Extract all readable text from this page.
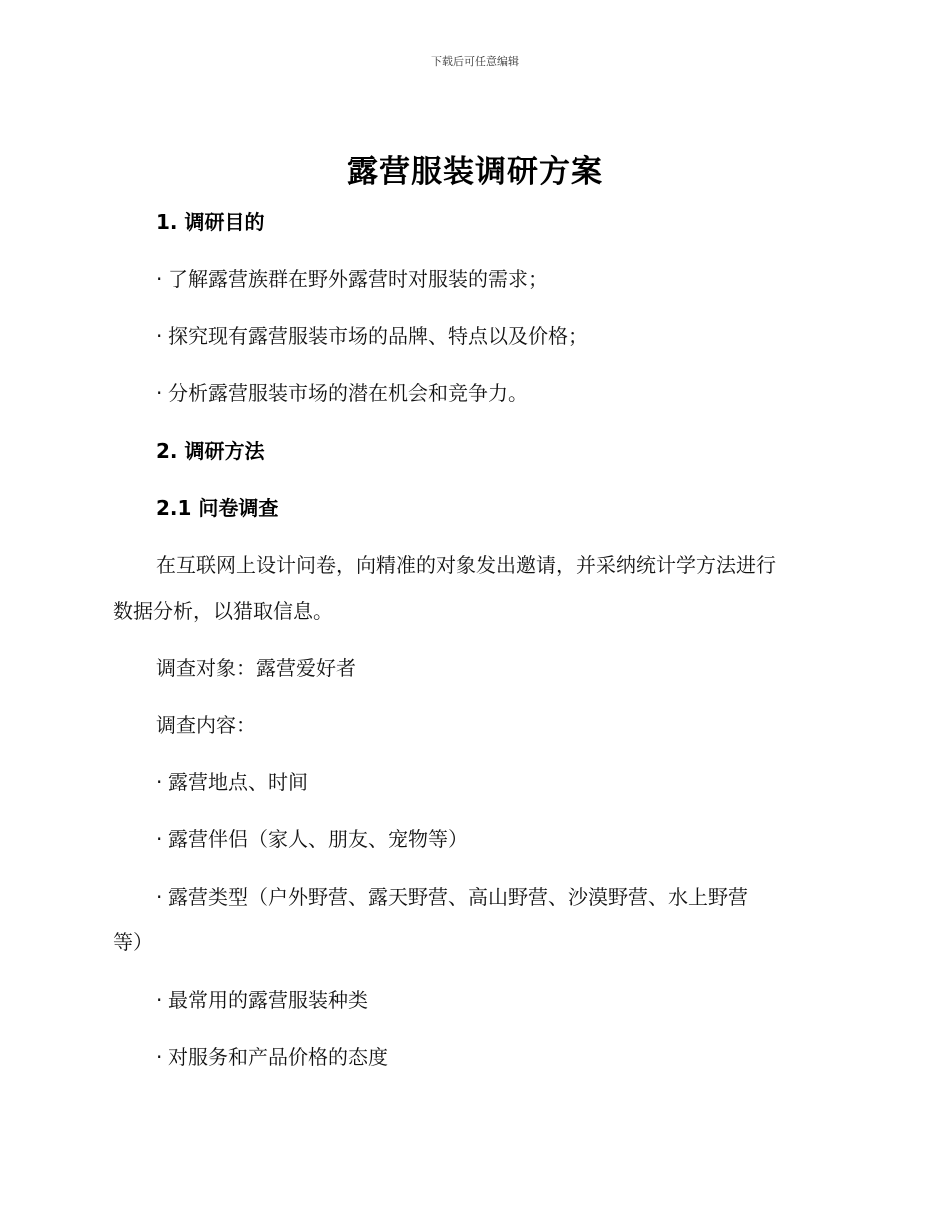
下载后可任意编辑
露营服装调研方案
1. 调研目的
· 了解露营族群在野外露营时对服装的需求；
· 探究现有露营服装市场的品牌、特点以及价格；
· 分析露营服装市场的潜在机会和竞争力。
2. 调研方法
2.1 问卷调查
在互联网上设计问卷，向精准的对象发出邀请，并采纳统计学方法进行
数据分析，以猎取信息。
调查对象：露营爱好者
调查内容：
· 露营地点、时间
· 露营伴侣（家人、朋友、宠物等）
· 露营类型（户外野营、露天野营、高山野营、沙漠野营、水上野营
等）
· 最常用的露营服装种类
· 对服务和产品价格的态度
